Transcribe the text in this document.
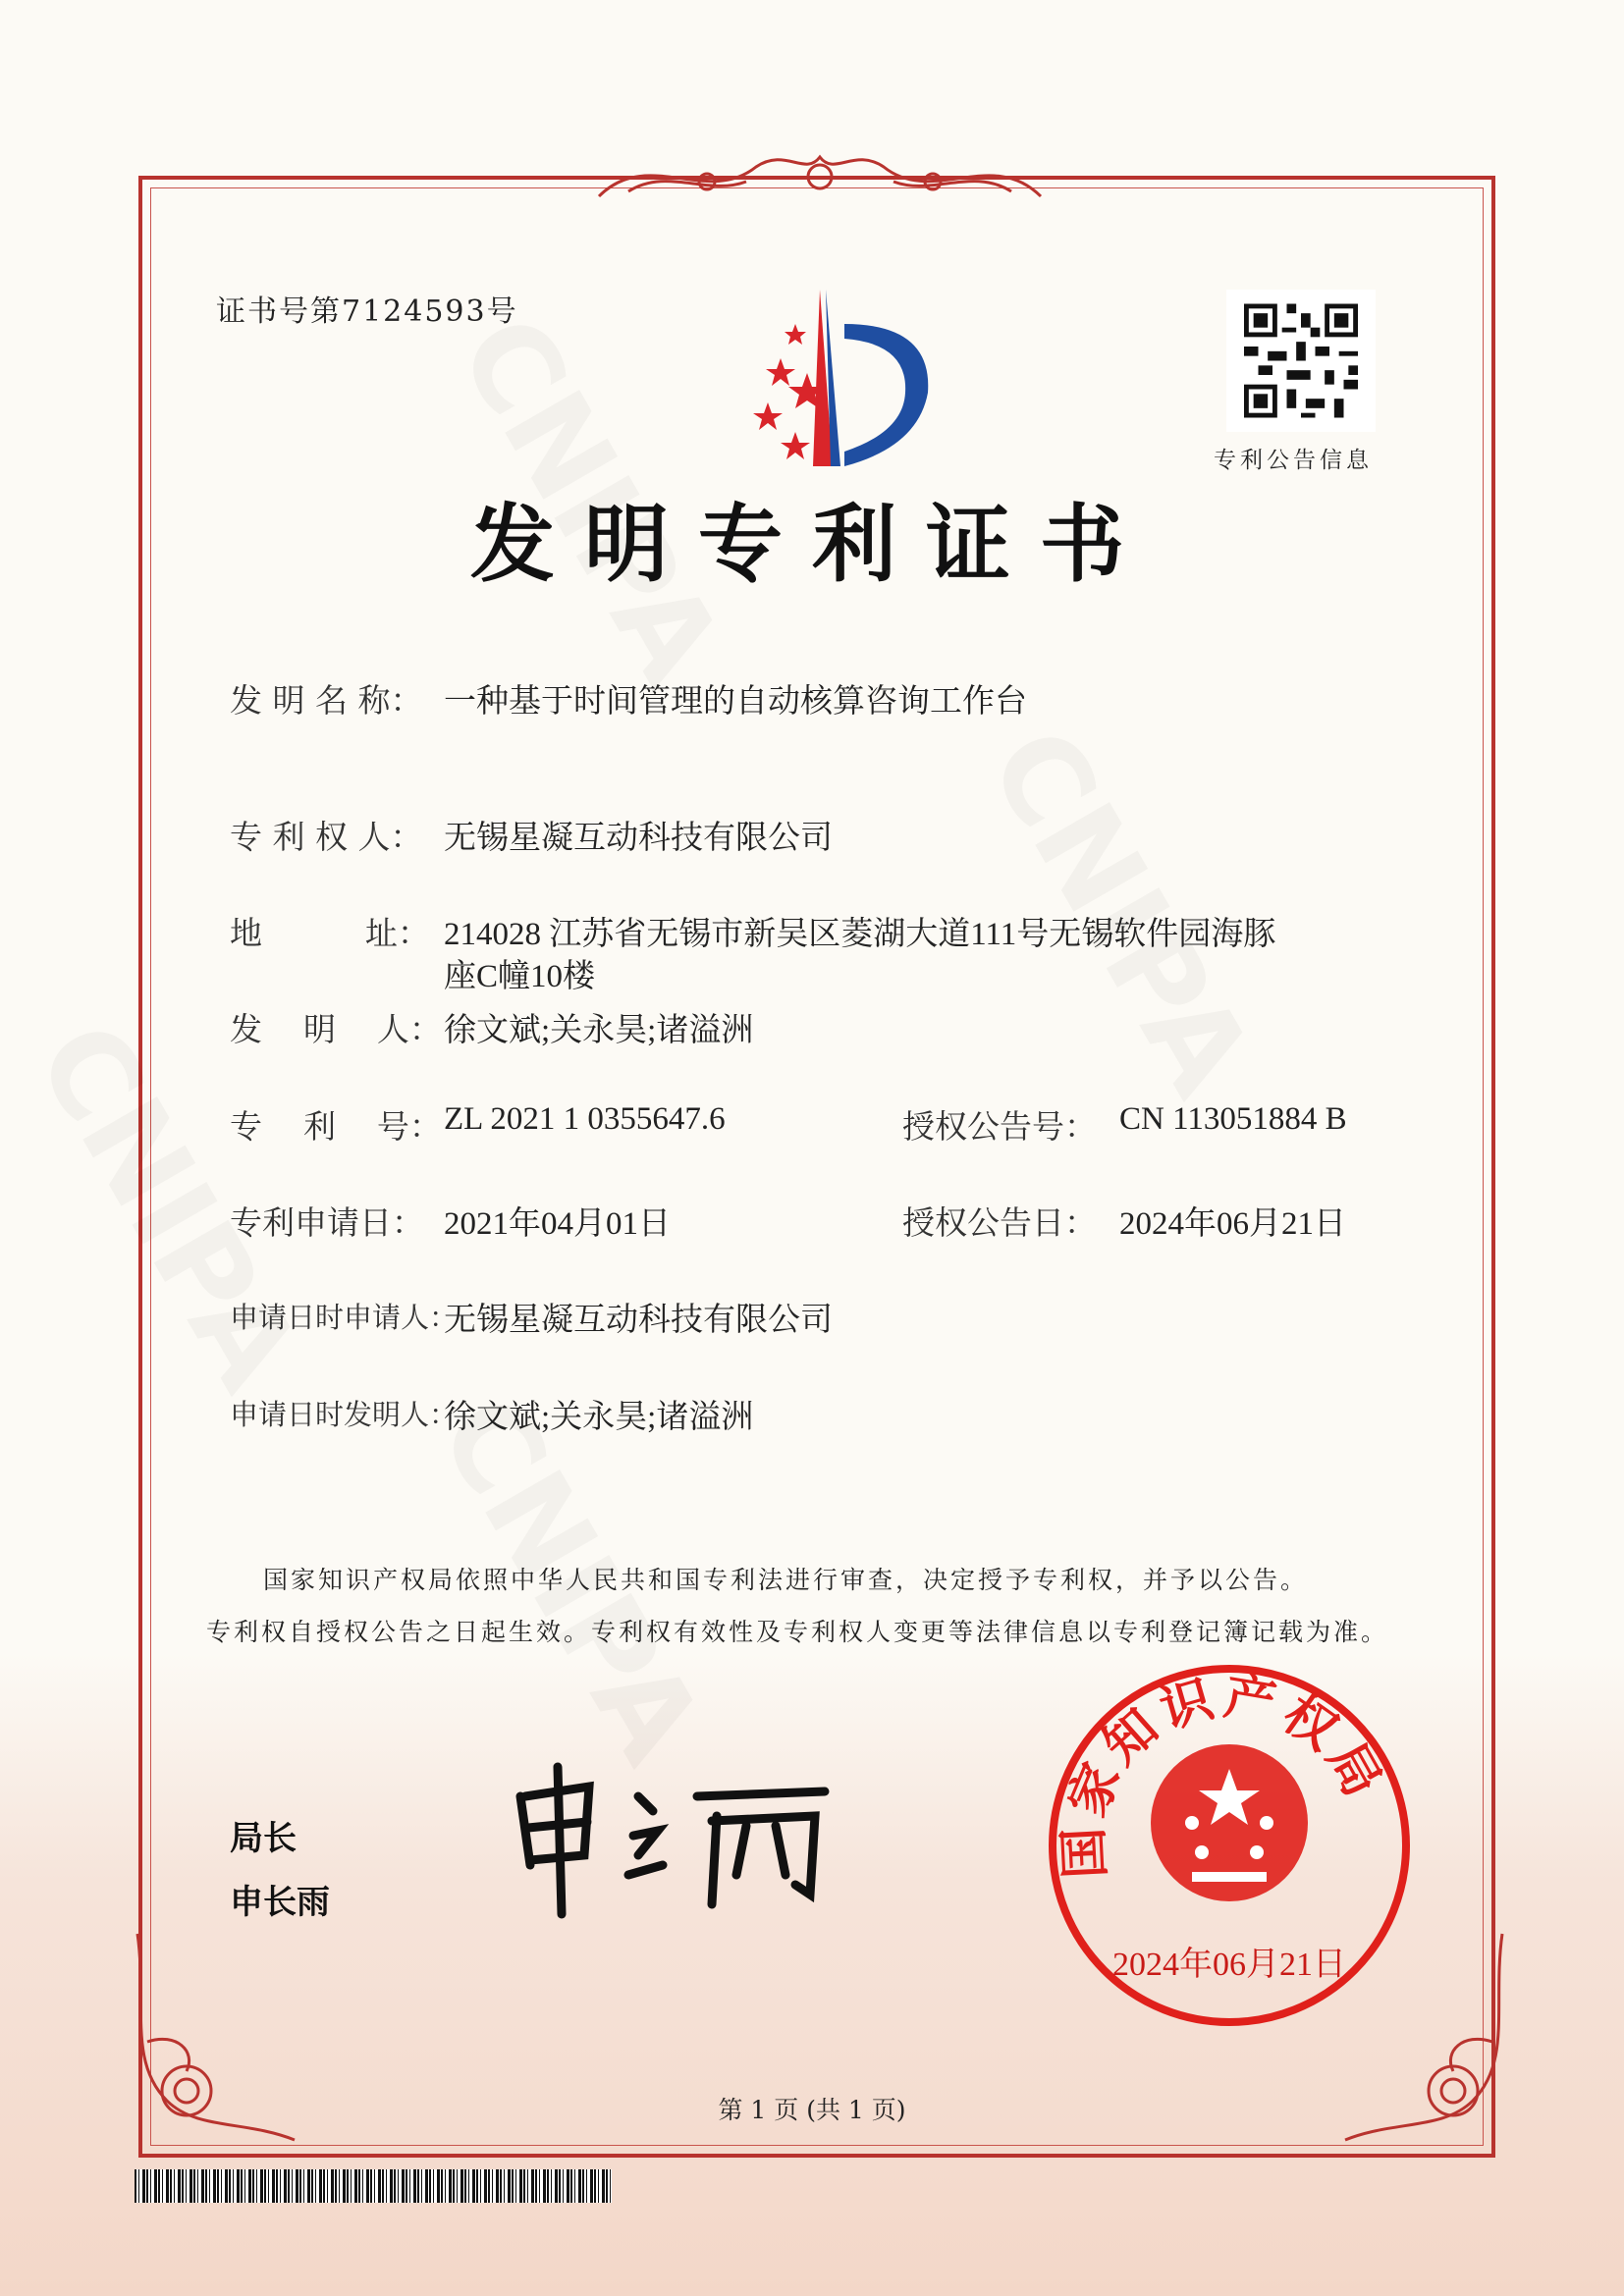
证书号第7124593号
专利公告信息
发明专利证书
发 明 名 称： 一种基于时间管理的自动核算咨询工作台
专 利 权 人： 无锡星凝互动科技有限公司
地          址： 214028 江苏省无锡市新吴区菱湖大道111号无锡软件园海豚
座C幢10楼
发    明    人： 徐文斌;关永昊;诸溢洲
专    利    号： ZL 2021 1 0355647.6	授权公告号： CN 113051884 B
专利申请日： 2021年04月01日	授权公告日： 2024年06月21日
申请日时申请人：
无锡星凝互动科技有限公司
申请日时发明人：
徐文斌;关永昊;诸溢洲
国家知识产权局依照中华人民共和国专利法进行审查，决定授予专利权，并予以公告。
专利权自授权公告之日起生效。专利权有效性及专利权人变更等法律信息以专利登记簿记载为准。
局长
申长雨
国家知识产权局
2024年06月21日
第 1 页 (共 1 页)
